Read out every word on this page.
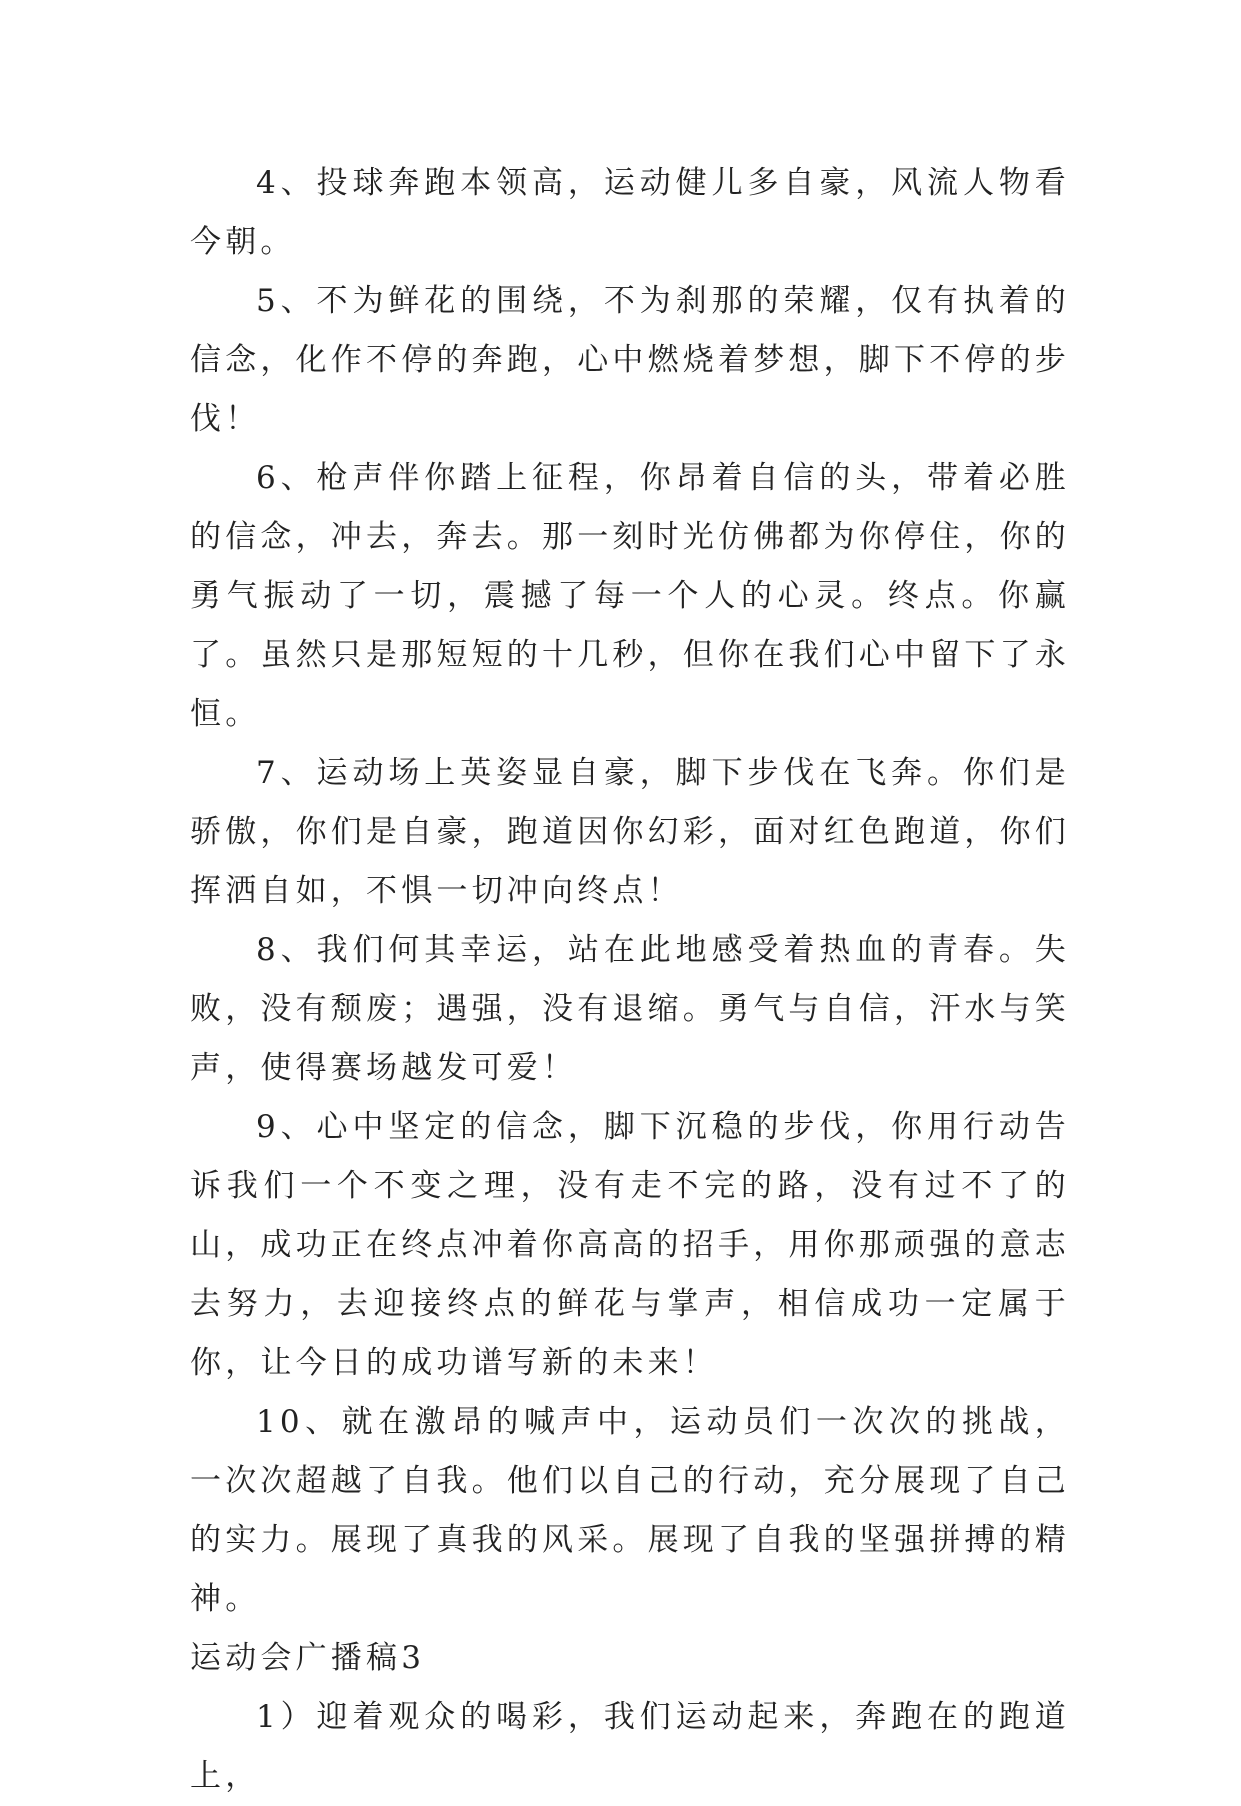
4、投球奔跑本领高，运动健儿多自豪，风流人物看今朝。

5、不为鲜花的围绕，不为刹那的荣耀，仅有执着的信念，化作不停的奔跑，心中燃烧着梦想，脚下不停的步伐！

6、枪声伴你踏上征程，你昂着自信的头，带着必胜的信念，冲去，奔去。那一刻时光仿佛都为你停住，你的勇气振动了一切，震撼了每一个人的心灵。终点。你赢了。虽然只是那短短的十几秒，但你在我们心中留下了永恒。

7、运动场上英姿显自豪，脚下步伐在飞奔。你们是骄傲，你们是自豪，跑道因你幻彩，面对红色跑道，你们挥洒自如，不惧一切冲向终点！

8、我们何其幸运，站在此地感受着热血的青春。失败，没有颓废；遇强，没有退缩。勇气与自信，汗水与笑声，使得赛场越发可爱！

9、心中坚定的信念，脚下沉稳的步伐，你用行动告诉我们一个不变之理，没有走不完的路，没有过不了的山，成功正在终点冲着你高高的招手，用你那顽强的意志去努力，去迎接终点的鲜花与掌声，相信成功一定属于你，让今日的成功谱写新的未来！

10、就在激昂的喊声中，运动员们一次次的挑战，一次次超越了自我。他们以自己的行动，充分展现了自己的实力。展现了真我的风采。展现了自我的坚强拼搏的精神。

运动会广播稿3

1）迎着观众的喝彩，我们运动起来，奔跑在的跑道上，
